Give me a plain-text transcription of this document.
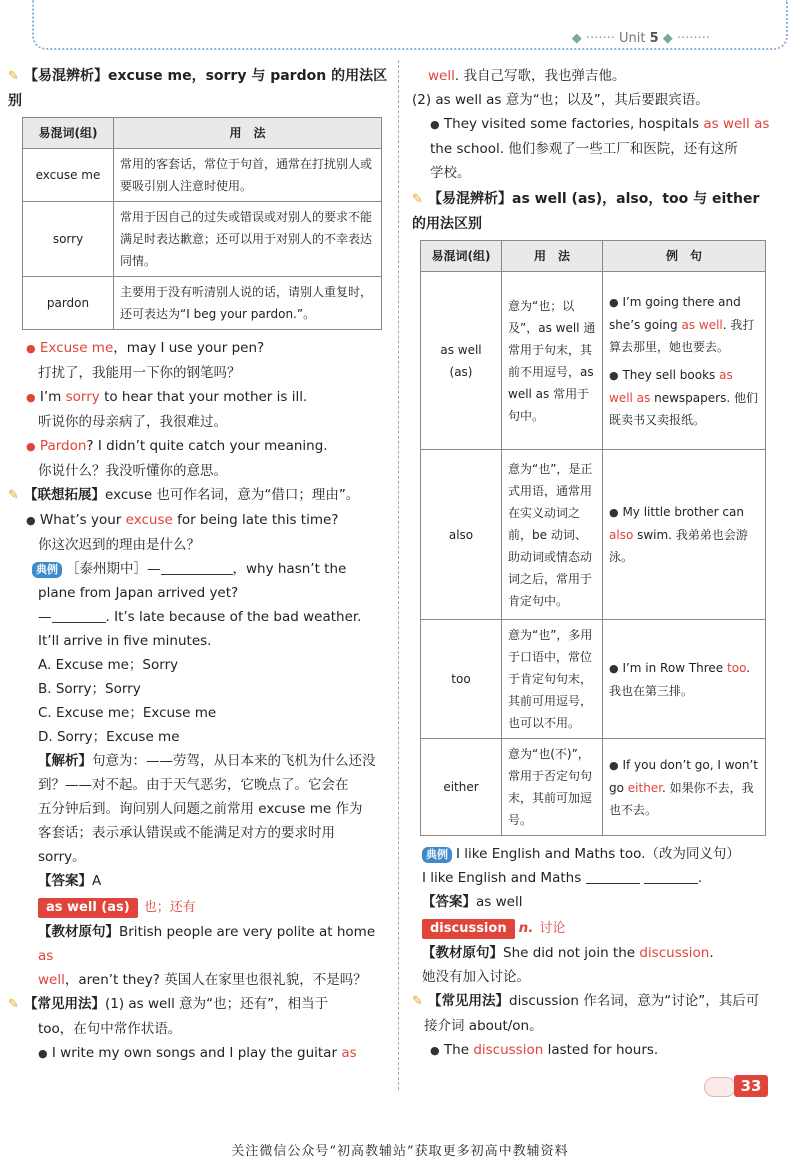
◆ ······· Unit 5 ◆ ········

✎ 【易混辨析】excuse me，sorry 与 pardon 的用法区别

易混词(组)	用　法
excuse me	常用的客套话，常位于句首，通常在打扰别人或要吸引别人注意时使用。
sorry	常用于因自己的过失或错误或对别人的要求不能满足时表达歉意；还可以用于对别人的不幸表达同情。
pardon	主要用于没有听清别人说的话，请别人重复时，还可表达为“I beg your pardon.”。

● Excuse me，may I use your pen?

打扰了，我能用一下你的钢笔吗？

● I’m sorry to hear that your mother is ill.

听说你的母亲病了，我很难过。

● Pardon? I didn’t quite catch your meaning.

你说什么？我没听懂你的意思。

✎ 【联想拓展】excuse 也可作名词，意为“借口；理由”。

● What’s your excuse for being late this time?

你这次迟到的理由是什么？

典例 ［泰州期中］—	，why hasn’t the

plane from Japan arrived yet?

—	. It’s late because of the bad weather.

It’ll arrive in five minutes.

A. Excuse me；Sorry

B. Sorry；Sorry

C. Excuse me；Excuse me

D. Sorry；Excuse me

【解析】句意为：——劳驾，从日本来的飞机为什么还没

到？——对不起。由于天气恶劣，它晚点了。它会在

五分钟后到。询问别人问题之前常用 excuse me 作为

客套话；表示承认错误或不能满足对方的要求时用

sorry。

【答案】A

as well (as) 也；还有

【教材原句】British people are very polite at home as

well，aren’t they? 英国人在家里也很礼貌，不是吗？

✎ 【常见用法】(1) as well 意为“也；还有”，相当于

too，在句中常作状语。

● I write my own songs and I play the guitar as

well. 我自己写歌，我也弹吉他。

(2) as well as 意为“也；以及”，其后要跟宾语。

● They visited some factories, hospitals as well as

the school. 他们参观了一些工厂和医院，还有这所

学校。

✎ 【易混辨析】as well (as)，also，too 与 either 的用法区别

易混词(组)	用　法	例　句
as well (as)	意为“也；以及”，as well 通常用于句末，其前不用逗号，as well as 常用于句中。	● I’m going there and she’s going as well. 我打算去那里，她也要去。
● They sell books as well as newspapers. 他们既卖书又卖报纸。

also	意为“也”，是正式用语，通常用在实义动词之前，be 动词、助动词或情态动词之后，常用于肯定句中。	● My little brother can also swim. 我弟弟也会游泳。
too	意为“也”，多用于口语中，常位于肯定句句末，其前可用逗号，也可以不用。	● I’m in Row Three too. 我也在第三排。
either	意为“也(不)”，常用于否定句句末，其前可加逗号。	● If you don’t go, I won’t go either. 如果你不去，我也不去。

典例 I like English and Maths too.（改为同义句）

I like English and Maths	.

【答案】as well

discussion n. 讨论

【教材原句】She did not join the discussion.

她没有加入讨论。

✎ 【常见用法】discussion 作名词，意为“讨论”，其后可

接介词 about/on。

● The discussion lasted for hours.

33
关注微信公众号“初高教辅站”获取更多初高中教辅资料
